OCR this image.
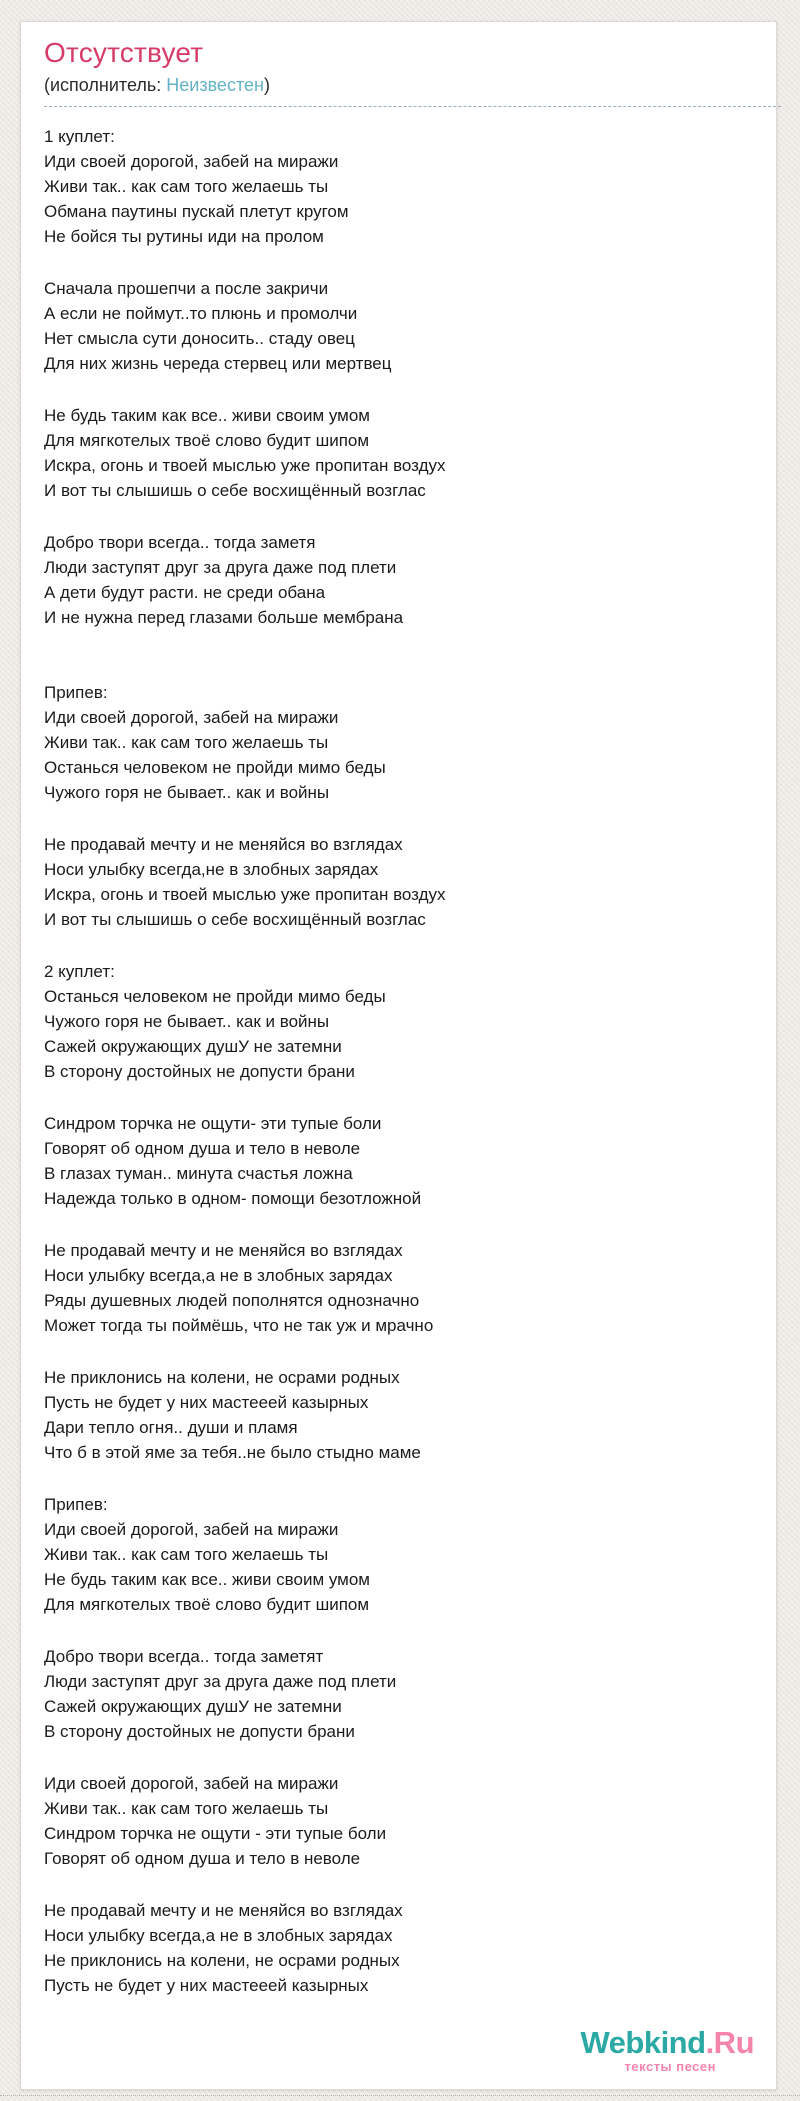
Отсутствует
(исполнитель: Неизвестен)
1 куплет:
Иди своей дорогой, забей на миражи
Живи так.. как сам того желаешь ты
Обмана паутины пускай плетут кругом
Не бойся ты рутины иди на пролом
Сначала прошепчи а после закричи
А если не поймут..то плюнь и промолчи
Нет смысла сути доносить.. стаду овец
Для них жизнь череда стервец или мертвец
Не будь таким как все.. живи своим умом
Для мягкотелых твоё слово будит шипом
Искра, огонь и твоей мыслью уже пропитан воздух
И вот ты слышишь о себе восхищённый возглас
Добро твори всегда.. тогда заметя
Люди заступят друг за друга даже под плети
А дети будут расти. не среди обана
И не нужна перед глазами больше мембрана
Припев:
Иди своей дорогой, забей на миражи
Живи так.. как сам того желаешь ты
Останься человеком не пройди мимо беды
Чужого горя не бывает.. как и войны
Не продавай мечту и не меняйся во взглядах
Носи улыбку всегда,не в злобных зарядах
Искра, огонь и твоей мыслью уже пропитан воздух
И вот ты слышишь о себе восхищённый возглас
2 куплет:
Останься человеком не пройди мимо беды
Чужого горя не бывает.. как и войны
Сажей окружающих душУ не затемни
В сторону достойных не допусти брани
Синдром торчка не ощути- эти тупые боли
Говорят об одном душа и тело в неволе
В глазах туман.. минута счастья ложна
Надежда только в одном- помощи безотложной
Не продавай мечту и не меняйся во взглядах
Носи улыбку всегда,а не в злобных зарядах
Ряды душевных людей пополнятся однозначно
Может тогда ты поймёшь, что не так уж и мрачно
Не приклонись на колени, не осрами родных
Пусть не будет у них мастееей казырных
Дари тепло огня.. души и пламя
Что б в этой яме за тебя..не было стыдно маме
Припев:
Иди своей дорогой, забей на миражи
Живи так.. как сам того желаешь ты
Не будь таким как все.. живи своим умом
Для мягкотелых твоё слово будит шипом
Добро твори всегда.. тогда заметят
Люди заступят друг за друга даже под плети
Сажей окружающих душУ не затемни
В сторону достойных не допусти брани
Иди своей дорогой, забей на миражи
Живи так.. как сам того желаешь ты
Синдром торчка не ощути - эти тупые боли
Говорят об одном душа и тело в неволе
Не продавай мечту и не меняйся во взглядах
Носи улыбку всегда,а не в злобных зарядах
Не приклонись на колени, не осрами родных
Пусть не будет у них мастееей казырных
Webkind.Ru
тексты песен
